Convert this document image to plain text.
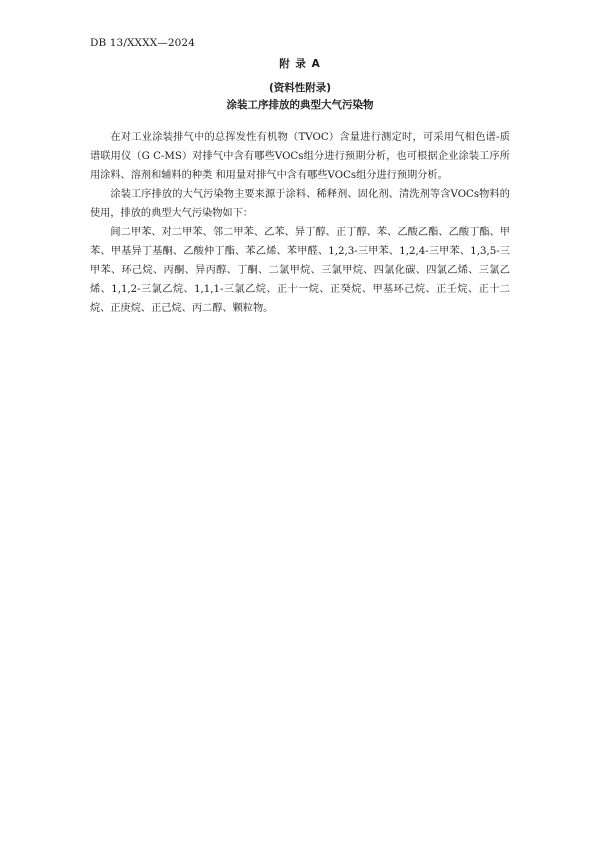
DB 13/XXXX—2024
附 录 A
(资料性附录)
涂装工序排放的典型大气污染物

在对工业涂装排气中的总挥发性有机物（TVOC）含量进行测定时，可采用气相色谱-质谱联用仪（G C-MS）对排气中含有哪些VOCs组分进行预期分析，也可根据企业涂装工序所用涂料、溶剂和辅料的种类 和用量对排气中含有哪些VOCs组分进行预期分析。

涂装工序排放的大气污染物主要来源于涂料、稀释剂、固化剂、清洗剂等含VOCs物料的使用，排放的典型大气污染物如下：

间二甲苯、对二甲苯、邻二甲苯、乙苯、异丁醇、正丁醇、苯、乙酸乙酯、乙酸丁酯、甲苯、甲基异丁基酮、乙酸仲丁酯、苯乙烯、苯甲醛、1,2,3-三甲苯、1,2,4-三甲苯、1,3,5-三甲苯、环己烷、丙酮、异丙醇、丁酮、二氯甲烷、三氯甲烷、四氯化碳、四氯乙烯、三氯乙烯、1,1,2-三氯乙烷、1,1,1-三氯乙烷、正十一烷、正癸烷、甲基环己烷、正壬烷、正十二烷、正庚烷、正己烷、丙二醇、颗粒物。
